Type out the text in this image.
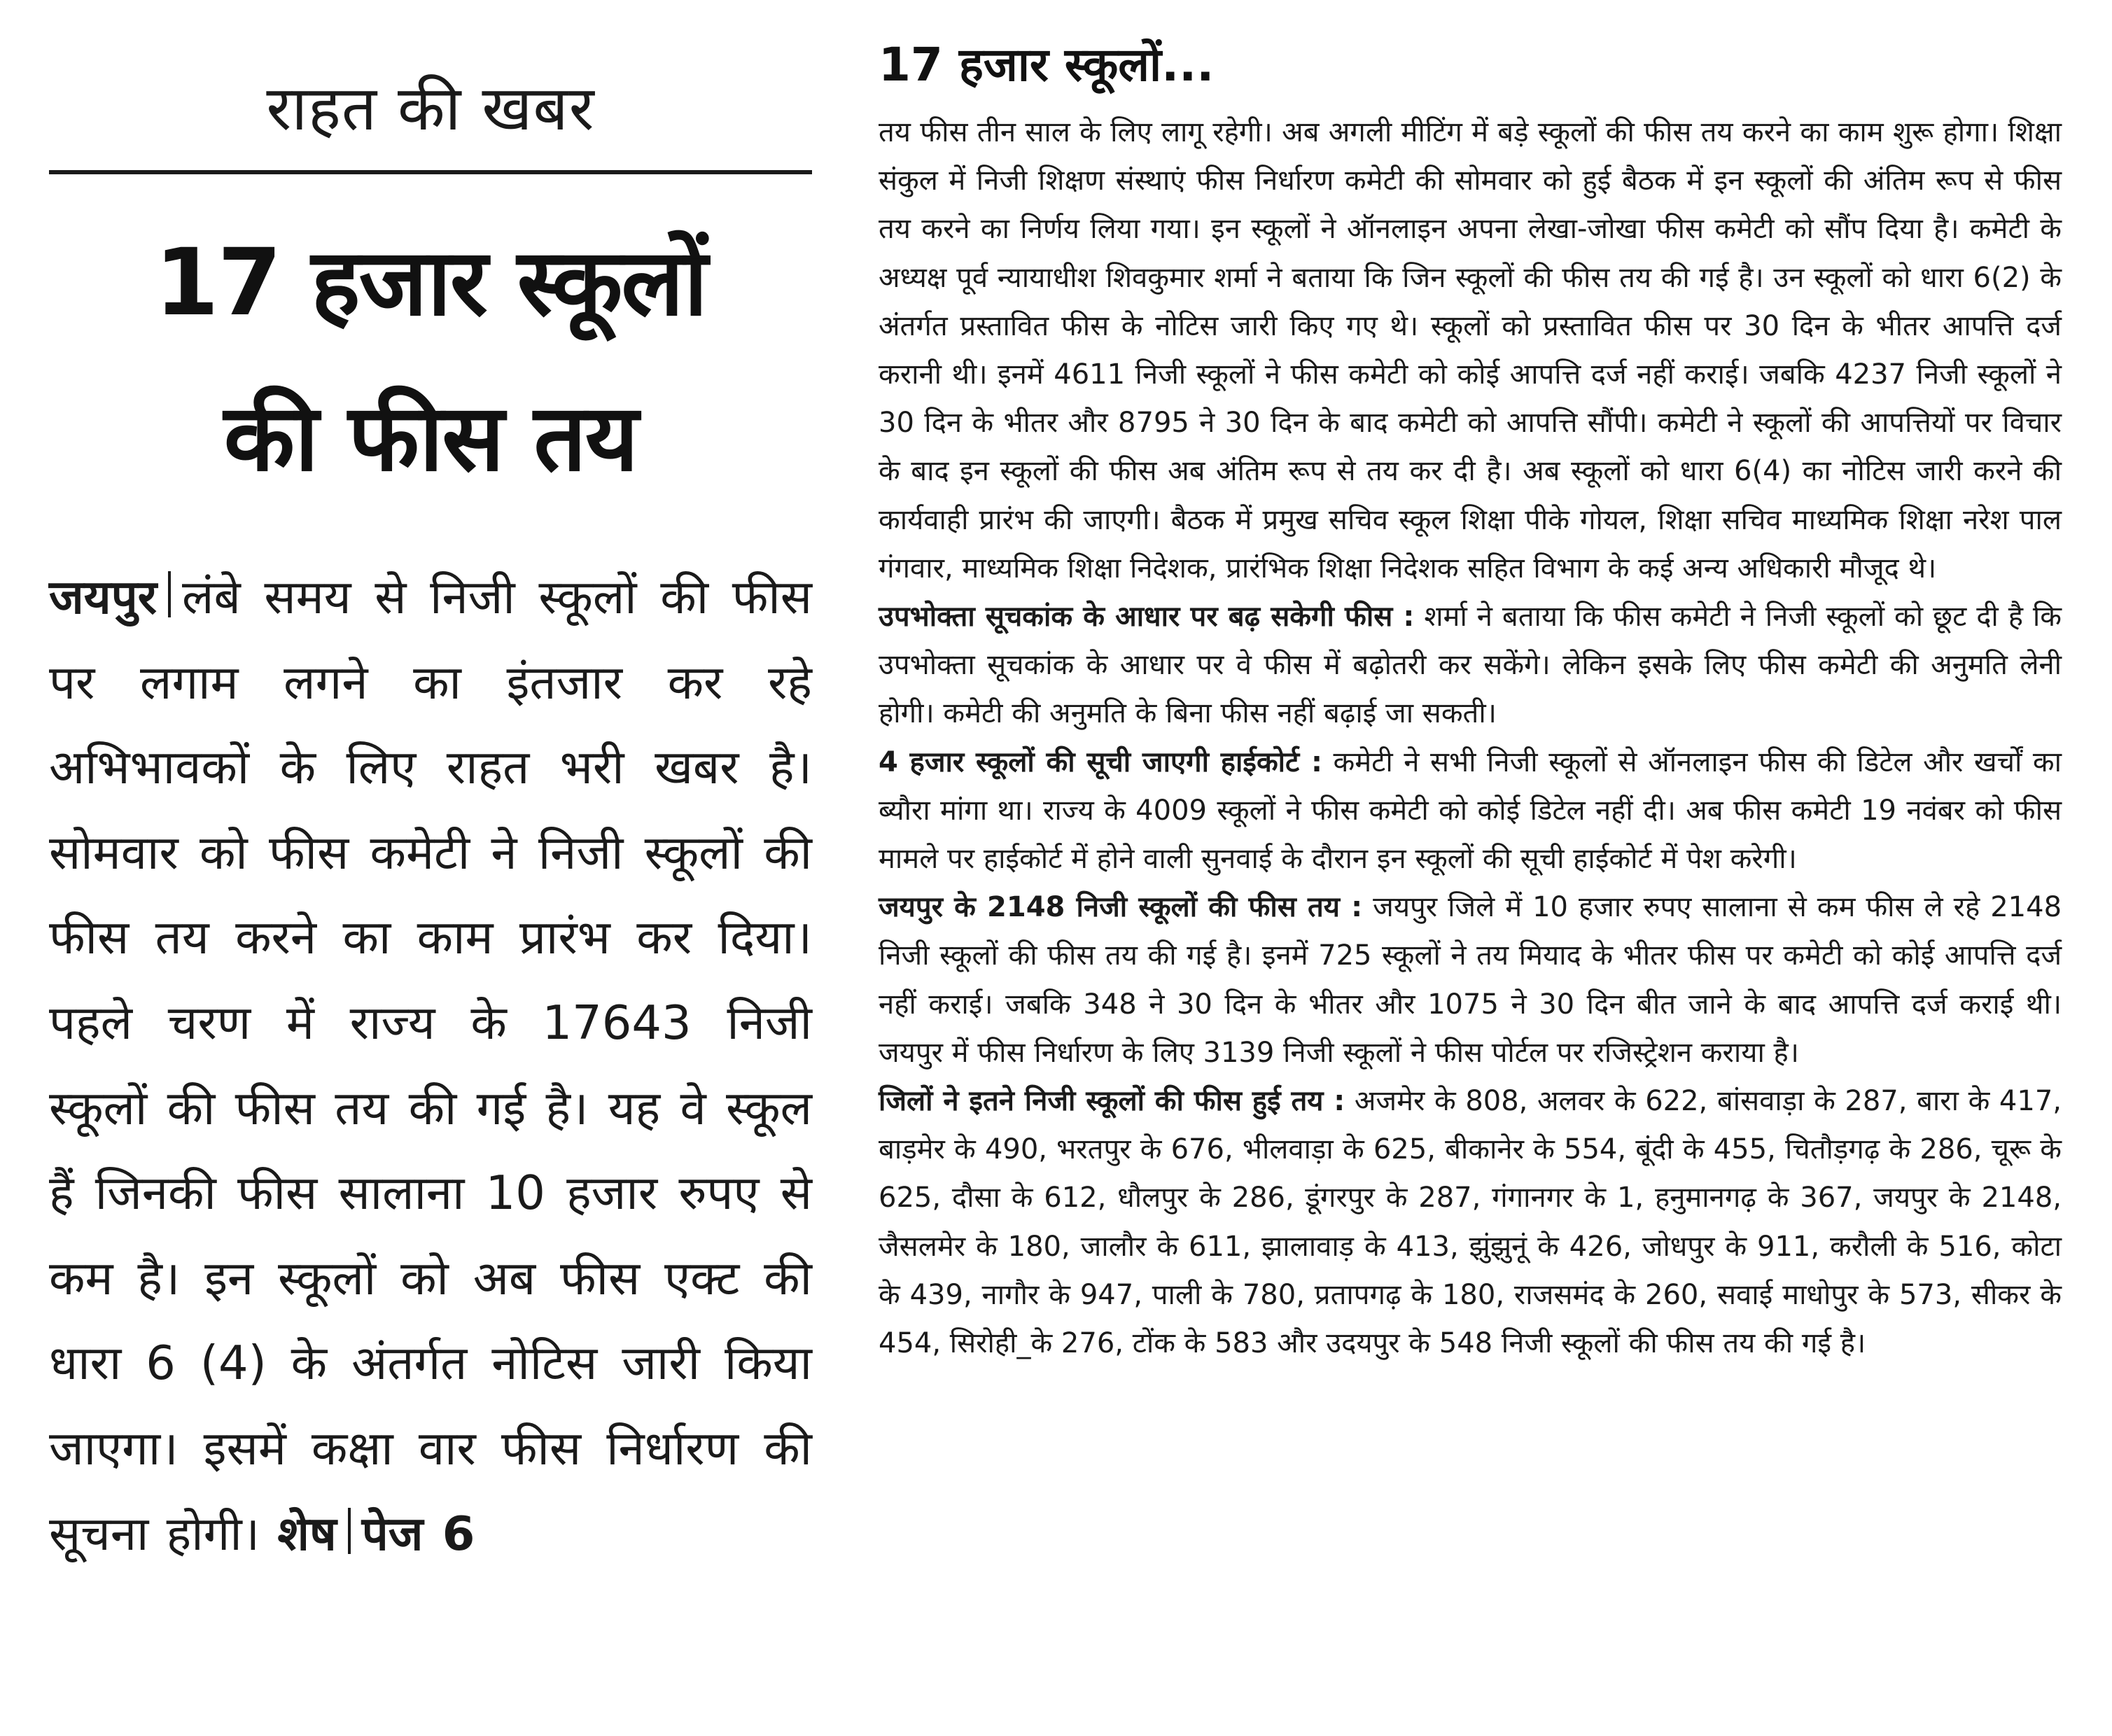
राहत की खबर
17 हजार स्कूलों
की फीस तय
जयपुर लंबे समय से निजी स्कूलों की फीस पर लगाम लगने का इंतजार कर रहे अभिभावकों के लिए राहत भरी खबर है। सोमवार को फीस कमेटी ने निजी स्कूलों की फीस तय करने का काम प्रारंभ कर दिया। पहले चरण में राज्य के 17643 निजी स्कूलों की फीस तय की गई है। यह वे स्कूल हैं जिनकी फीस सालाना 10 हजार रुपए से कम है। इन स्कूलों को अब फीस एक्ट की धारा 6 (4) के अंतर्गत नोटिस जारी किया जाएगा। इसमें कक्षा वार फीस निर्धारण की सूचना होगी। शेष पेज 6
17 हजार स्कूलों...

तय फीस तीन साल के लिए लागू रहेगी। अब अगली मीटिंग में बड़े स्कूलों की फीस तय करने का काम शुरू होगा। शिक्षा संकुल में निजी शिक्षण संस्थाएं फीस निर्धारण कमेटी की सोमवार को हुई बैठक में इन स्कूलों की अंतिम रूप से फीस तय करने का निर्णय लिया गया। इन स्कूलों ने ऑनलाइन अपना लेखा-जोखा फीस कमेटी को सौंप दिया है। कमेटी के अध्यक्ष पूर्व न्यायाधीश शिवकुमार शर्मा ने बताया कि जिन स्कूलों की फीस तय की गई है। उन स्कूलों को धारा 6(2) के अंतर्गत प्रस्तावित फीस के नोटिस जारी किए गए थे। स्कूलों को प्रस्तावित फीस पर 30 दिन के भीतर आपत्ति दर्ज करानी थी। इनमें 4611 निजी स्कूलों ने फीस कमेटी को कोई आपत्ति दर्ज नहीं कराई। जबकि 4237 निजी स्कूलों ने 30 दिन के भीतर और 8795 ने 30 दिन के बाद कमेटी को आपत्ति सौंपी। कमेटी ने स्कूलों की आपत्तियों पर विचार के बाद इन स्कूलों की फीस अब अंतिम रूप से तय कर दी है। अब स्कूलों को धारा 6(4) का नोटिस जारी करने की कार्यवाही प्रारंभ की जाएगी। बैठक में प्रमुख सचिव स्कूल शिक्षा पीके गोयल, शिक्षा सचिव माध्यमिक शिक्षा नरेश पाल गंगवार, माध्यमिक शिक्षा निदेशक, प्रारंभिक शिक्षा निदेशक सहित विभाग के कई अन्य अधिकारी मौजूद थे।

उपभोक्ता सूचकांक के आधार पर बढ़ सकेगी फीस : शर्मा ने बताया कि फीस कमेटी ने निजी स्कूलों को छूट दी है कि उपभोक्ता सूचकांक के आधार पर वे फीस में बढ़ोतरी कर सकेंगे। लेकिन इसके लिए फीस कमेटी की अनुमति लेनी होगी। कमेटी की अनुमति के बिना फीस नहीं बढ़ाई जा सकती।

4 हजार स्कूलों की सूची जाएगी हाईकोर्ट : कमेटी ने सभी निजी स्कूलों से ऑनलाइन फीस की डिटेल और खर्चों का ब्यौरा मांगा था। राज्य के 4009 स्कूलों ने फीस कमेटी को कोई डिटेल नहीं दी। अब फीस कमेटी 19 नवंबर को फीस मामले पर हाईकोर्ट में होने वाली सुनवाई के दौरान इन स्कूलों की सूची हाईकोर्ट में पेश करेगी।

जयपुर के 2148 निजी स्कूलों की फीस तय : जयपुर जिले में 10 हजार रुपए सालाना से कम फीस ले रहे 2148 निजी स्कूलों की फीस तय की गई है। इनमें 725 स्कूलों ने तय मियाद के भीतर फीस पर कमेटी को कोई आपत्ति दर्ज नहीं कराई। जबकि 348 ने 30 दिन के भीतर और 1075 ने 30 दिन बीत जाने के बाद आपत्ति दर्ज कराई थी। जयपुर में फीस निर्धारण के लिए 3139 निजी स्कूलों ने फीस पोर्टल पर रजिस्ट्रेशन कराया है।

जिलों ने इतने निजी स्कूलों की फीस हुई तय : अजमेर के 808, अलवर के 622, बांसवाड़ा के 287, बारा के 417, बाड़मेर के 490, भरतपुर के 676, भीलवाड़ा के 625, बीकानेर के 554, बूंदी के 455, चितौड़गढ़ के 286, चूरू के 625, दौसा के 612, धौलपुर के 286, डूंगरपुर के 287, गंगानगर के 1, हनुमानगढ़ के 367, जयपुर के 2148, जैसलमेर के 180, जालौर के 611, झालावाड़ के 413, झुंझुनूं के 426, जोधपुर के 911, करौली के 516, कोटा के 439, नागौर के 947, पाली के 780, प्रतापगढ़ के 180, राजसमंद के 260, सवाई माधोपुर के 573, सीकर के 454, सिरोही_के 276, टोंक के 583 और उदयपुर के 548 निजी स्कूलों की फीस तय की गई है।
